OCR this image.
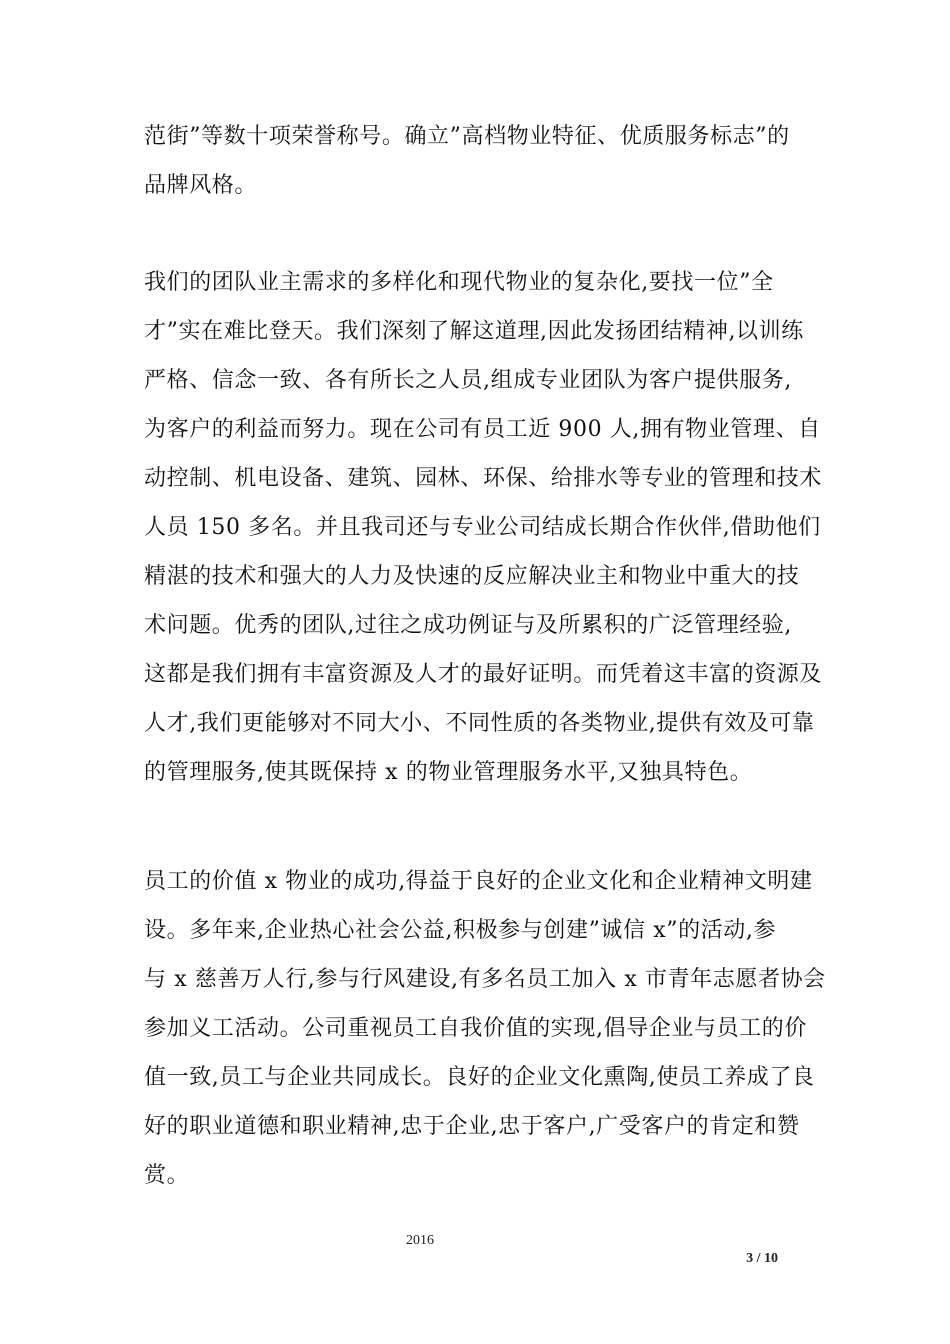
范街”等数十项荣誉称号。确立”高档物业特征、优质服务标志”的
品牌风格。
我们的团队业主需求的多样化和现代物业的复杂化,要找一位”全
才”实在难比登天。我们深刻了解这道理,因此发扬团结精神,以训练
严格、信念一致、各有所长之人员,组成专业团队为客户提供服务,
为客户的利益而努力。现在公司有员工近 900 人,拥有物业管理、自
动控制、机电设备、建筑、园林、环保、给排水等专业的管理和技术
人员 150 多名。并且我司还与专业公司结成长期合作伙伴,借助他们
精湛的技术和强大的人力及快速的反应解决业主和物业中重大的技
术问题。优秀的团队,过往之成功例证与及所累积的广泛管理经验,
这都是我们拥有丰富资源及人才的最好证明。而凭着这丰富的资源及
人才,我们更能够对不同大小、不同性质的各类物业,提供有效及可靠
的管理服务,使其既保持 x 的物业管理服务水平,又独具特色。
员工的价值 x 物业的成功,得益于良好的企业文化和企业精神文明建
设。多年来,企业热心社会公益,积极参与创建”诚信 x”的活动,参
与 x 慈善万人行,参与行风建设,有多名员工加入 x 市青年志愿者协会
参加义工活动。公司重视员工自我价值的实现,倡导企业与员工的价
值一致,员工与企业共同成长。良好的企业文化熏陶,使员工养成了良
好的职业道德和职业精神,忠于企业,忠于客户,广受客户的肯定和赞
赏。
2016
3 / 10
